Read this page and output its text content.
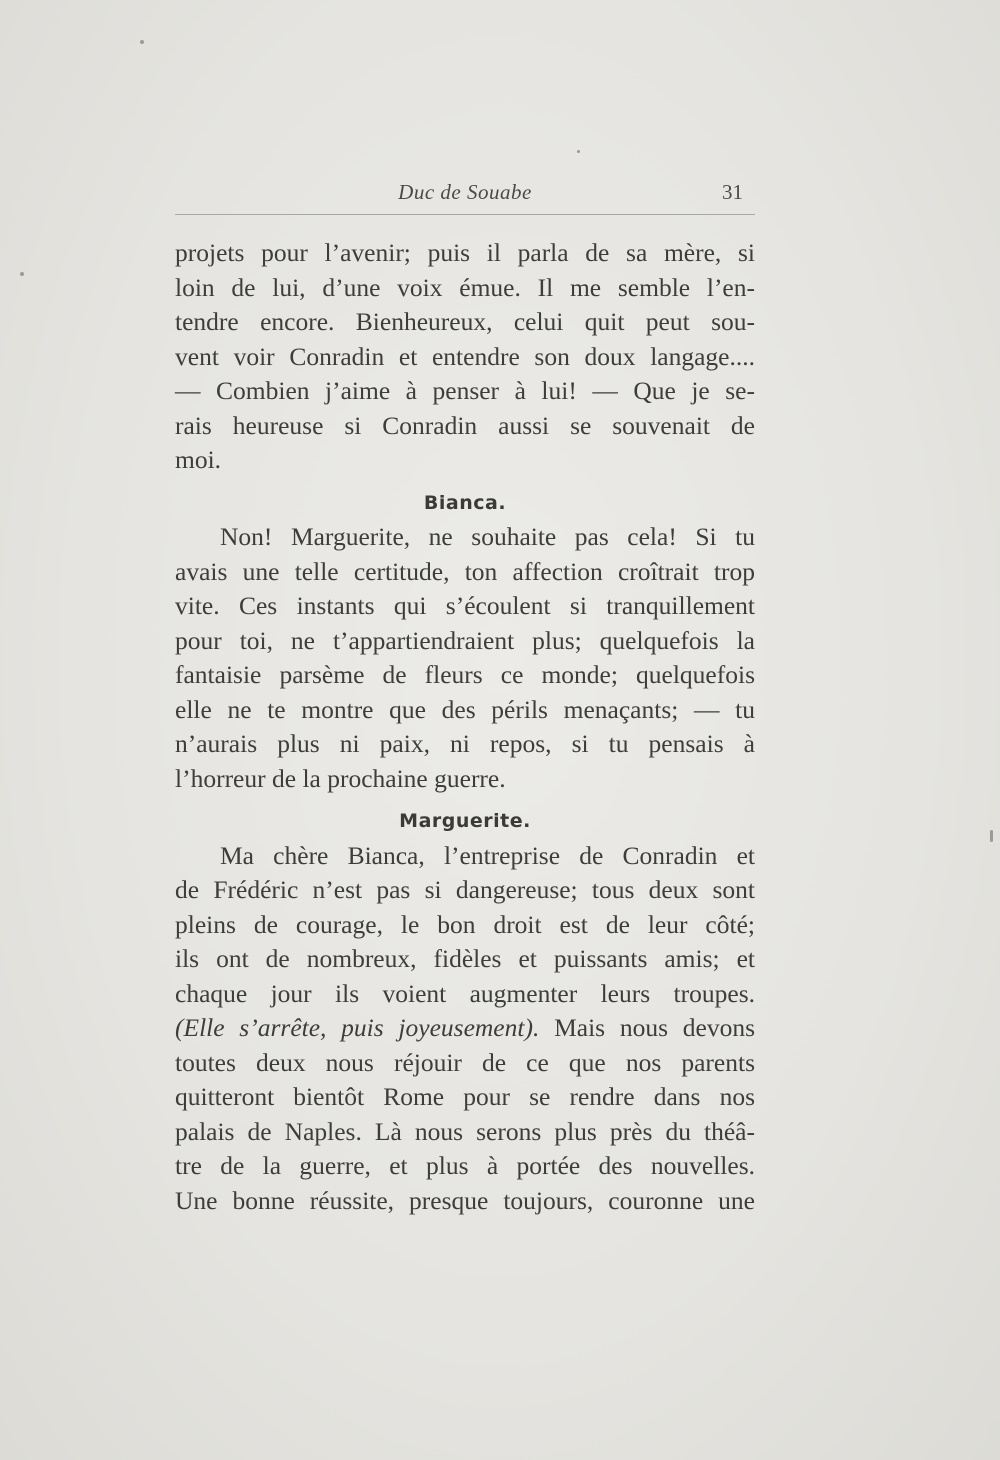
Duc de Souabe	31
projets pour l’avenir; puis il parla de sa mère, si
loin de lui, d’une voix émue. Il me semble l’en-
tendre encore. Bienheureux, celui quit peut sou-
vent voir Conradin et entendre son doux langage....
— Combien j’aime à penser à lui! — Que je se-
rais heureuse si Conradin aussi se souvenait de
moi.
Bianca.
Non! Marguerite, ne souhaite pas cela! Si tu
avais une telle certitude, ton affection croîtrait trop
vite. Ces instants qui s’écoulent si tranquillement
pour toi, ne t’appartiendraient plus; quelquefois la
fantaisie parsème de fleurs ce monde; quelquefois
elle ne te montre que des périls menaçants; — tu
n’aurais plus ni paix, ni repos, si tu pensais à
l’horreur de la prochaine guerre.
Marguerite.
Ma chère Bianca, l’entreprise de Conradin et
de Frédéric n’est pas si dangereuse; tous deux sont
pleins de courage, le bon droit est de leur côté;
ils ont de nombreux, fidèles et puissants amis; et
chaque jour ils voient augmenter leurs troupes.
(Elle s’arrête, puis joyeusement). Mais nous devons
toutes deux nous réjouir de ce que nos parents
quitteront bientôt Rome pour se rendre dans nos
palais de Naples. Là nous serons plus près du théâ-
tre de la guerre, et plus à portée des nouvelles.
Une bonne réussite, presque toujours, couronne une
